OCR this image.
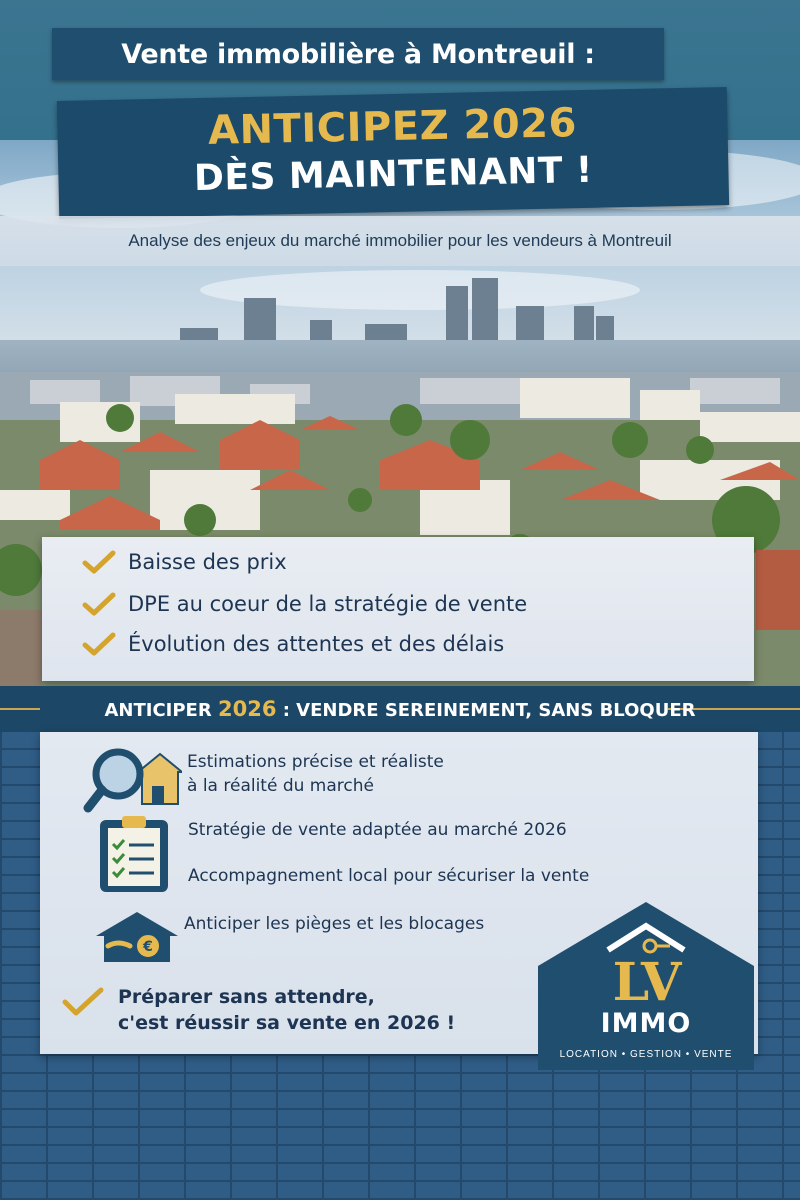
Vente immobilière à Montreuil :
ANTICIPEZ 2026
DÈS MAINTENANT !
Analyse des enjeux du marché immobilier pour les vendeurs à Montreuil
Baisse des prix
DPE au coeur de la stratégie de vente
Évolution des attentes et des délais
ANTICIPER 2026 : VENDRE SEREINEMENT, SANS BLOQUER
Estimations précise et réaliste
à la réalité du marché
Stratégie de vente adaptée au marché 2026
Accompagnement local pour sécuriser la vente
€
Anticiper les pièges et les blocages
Préparer sans attendre,
c'est réussir sa vente en 2026 !
LV
IMMO
LOCATION • GESTION • VENTE
